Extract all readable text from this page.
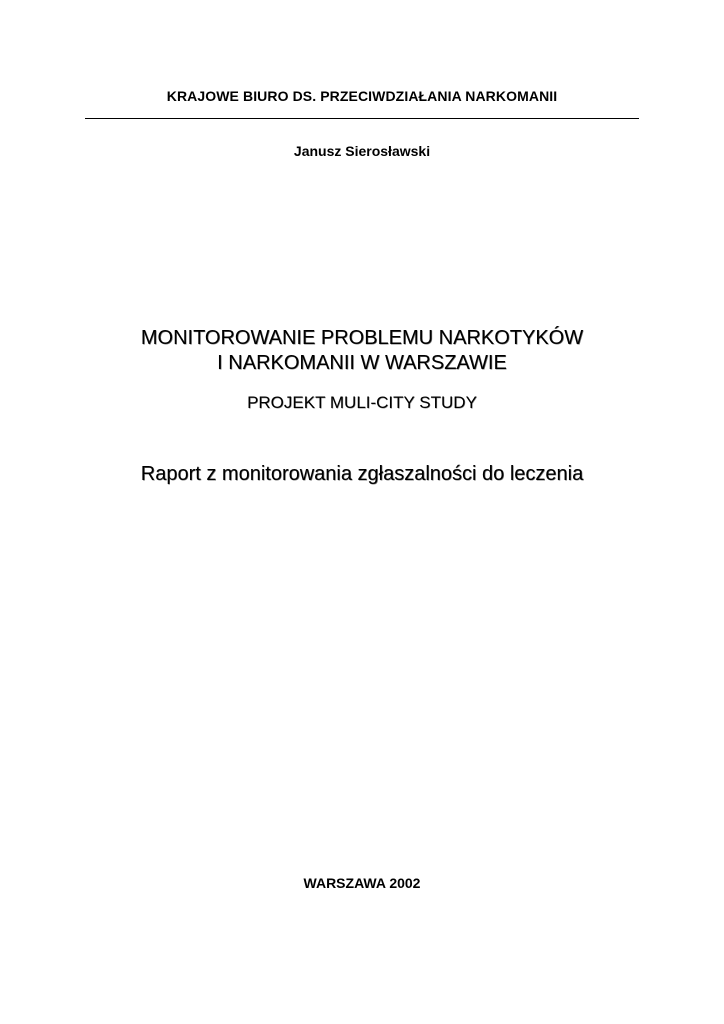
KRAJOWE BIURO DS. PRZECIWDZIAŁANIA NARKOMANII
Janusz Sierosławski
MONITOROWANIE PROBLEMU NARKOTYKÓW
I NARKOMANII W WARSZAWIE
PROJEKT MULI-CITY STUDY
Raport z monitorowania zgłaszalności do leczenia
WARSZAWA 2002
